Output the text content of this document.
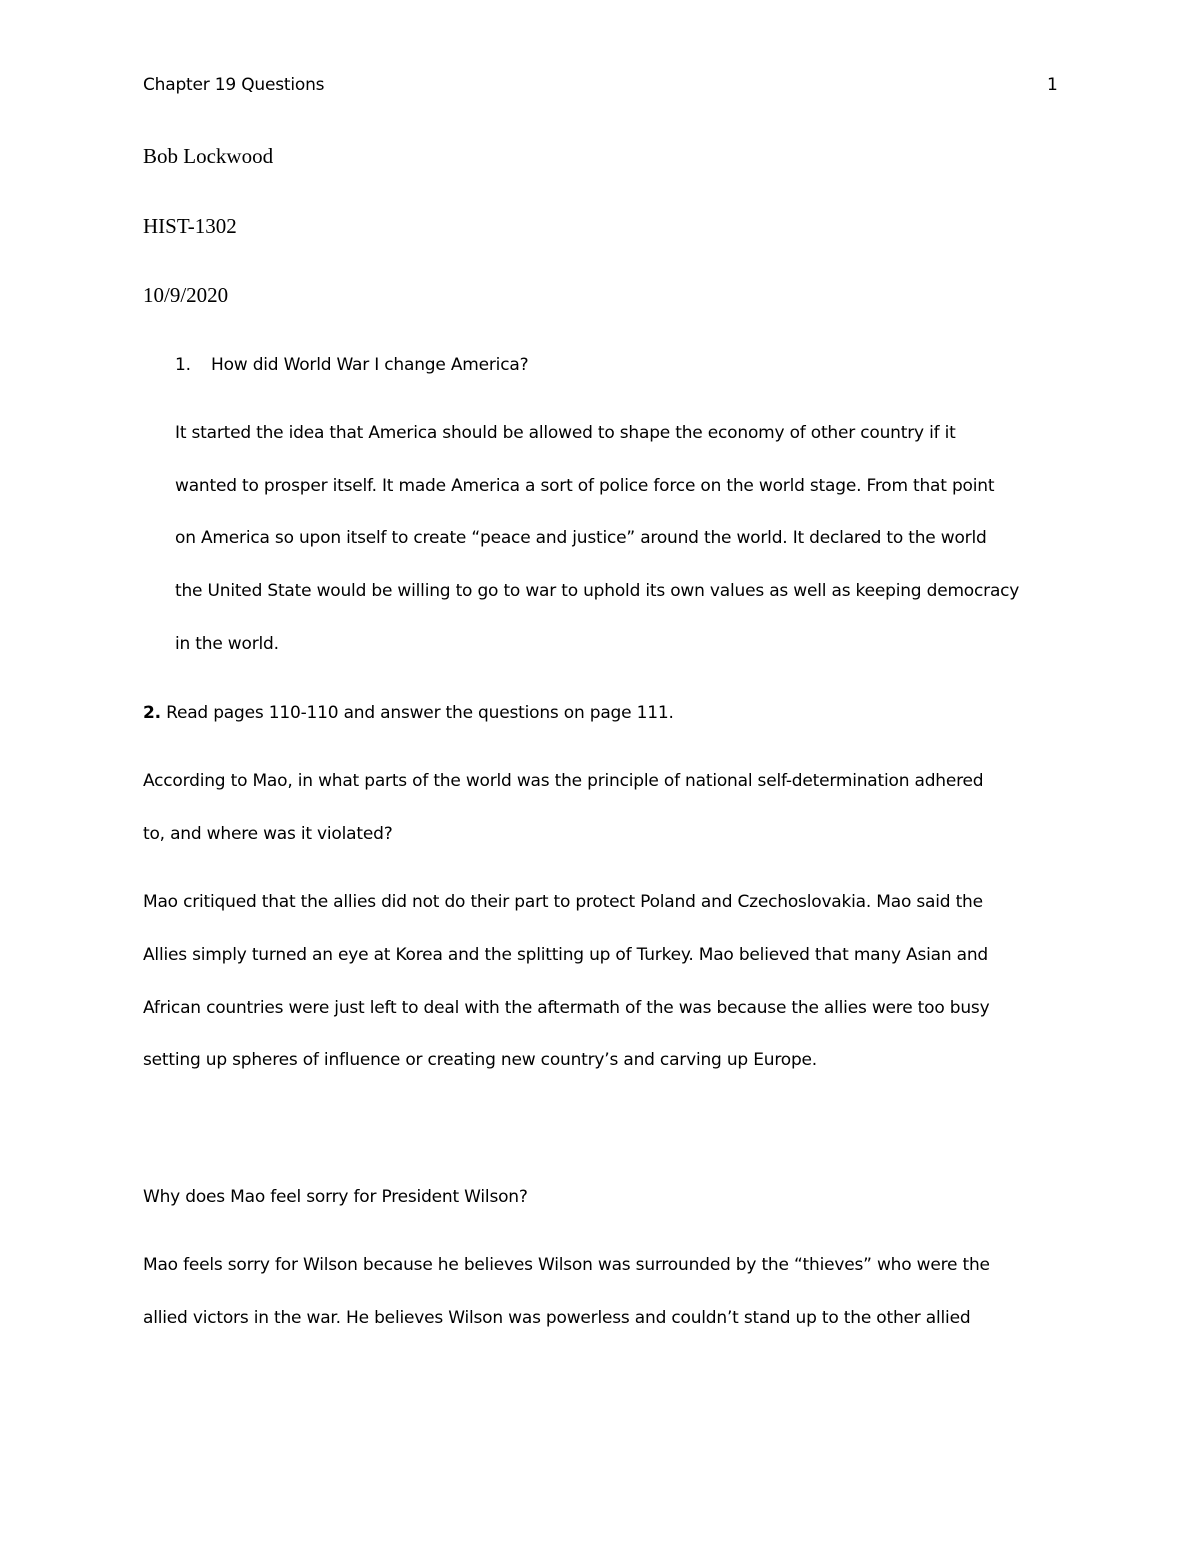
Chapter 19 Questions	1
Bob Lockwood
HIST-1302
10/9/2020
1. How did World War I change America?
It started the idea that America should be allowed to shape the economy of other country if it
wanted to prosper itself. It made America a sort of police force on the world stage. From that point
on America so upon itself to create “peace and justice” around the world. It declared to the world
the United State would be willing to go to war to uphold its own values as well as keeping democracy
in the world.
2. Read pages 110-110 and answer the questions on page 111.
According to Mao, in what parts of the world was the principle of national self-determination adhered
to, and where was it violated?
Mao critiqued that the allies did not do their part to protect Poland and Czechoslovakia. Mao said the
Allies simply turned an eye at Korea and the splitting up of Turkey. Mao believed that many Asian and
African countries were just left to deal with the aftermath of the was because the allies were too busy
setting up spheres of influence or creating new country’s and carving up Europe.
Why does Mao feel sorry for President Wilson?
Mao feels sorry for Wilson because he believes Wilson was surrounded by the “thieves” who were the
allied victors in the war. He believes Wilson was powerless and couldn’t stand up to the other allied
